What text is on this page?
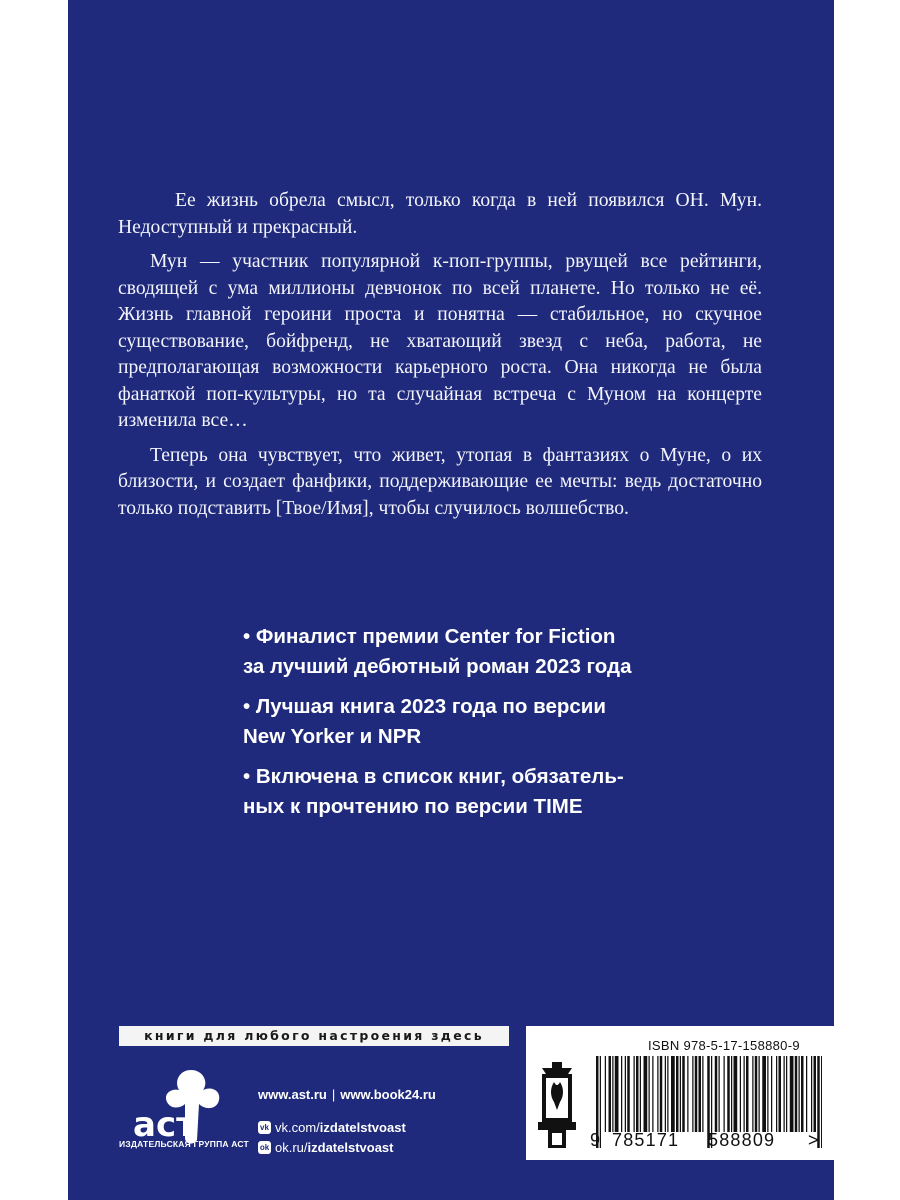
Ее жизнь обрела смысл, только когда в ней появился ОН. Мун. Недоступный и прекрасный.

Мун — участник популярной к-поп-группы, рвущей все рейтинги, сводящей с ума миллионы девчонок по всей планете. Но только не её. Жизнь главной героини проста и понятна — стабильное, но скучное существование, бойфренд, не хватающий звезд с неба, работа, не предполагающая возможности карьерного роста. Она никогда не была фанаткой поп-культуры, но та случайная встреча с Муном на концерте изменила все…

Теперь она чувствует, что живет, утопая в фантазиях о Муне, о их близости, и создает фанфики, поддерживающие ее мечты: ведь достаточно только подставить [Твое/Имя], чтобы случилось волшебство.

• Финалист премии Center for Fiction
за лучший дебютный роман 2023 года
• Лучшая книга 2023 года по версии
New Yorker и NPR
• Включена в список книг, обязатель-
ных к прочтению по версии TIME
книги для любого настроения здесь
аст
ИЗДАТЕЛЬСКАЯ ГРУППА АСТ
www.ast.ru | www.book24.ru
vk vk.com/ izdatelstvoast
ok ok.ru/ izdatelstvoast
ISBN 978-5-17-158880-9
9 785171 588809 >
